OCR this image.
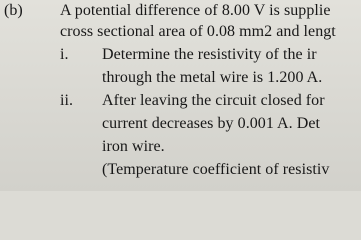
(b) A potential difference of 8.00 V is supplie
cross sectional area of 0.08 mm2 and lengt
i. Determine the resistivity of the ir
through the metal wire is 1.200 A.
ii. After leaving the circuit closed for
current decreases by 0.001 A. Det
iron wire.
(Temperature coefficient of resistiv
